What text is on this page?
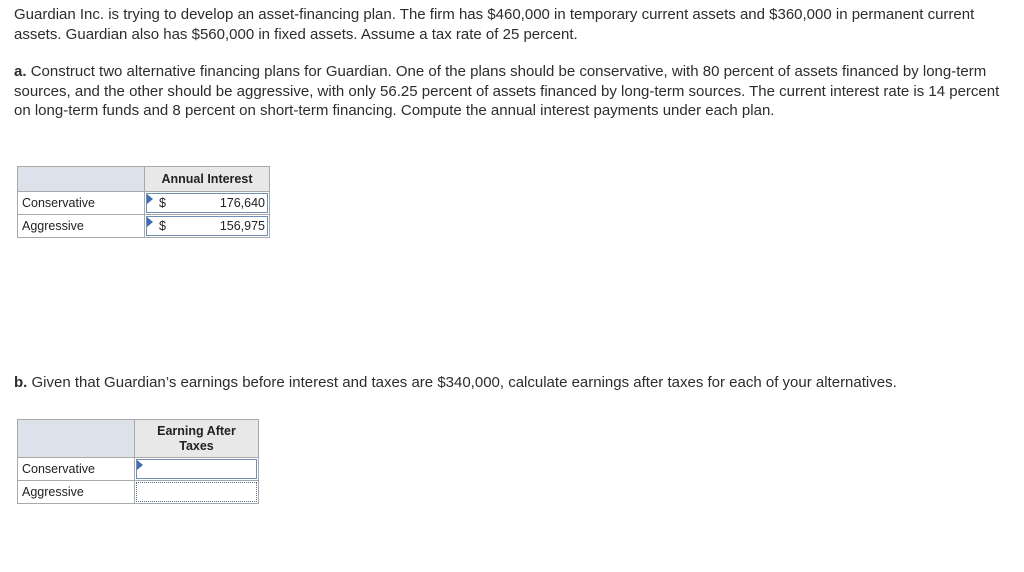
Guardian Inc. is trying to develop an asset-financing plan. The firm has $460,000 in temporary current assets and $360,000 in permanent current assets. Guardian also has $560,000 in fixed assets. Assume a tax rate of 25 percent.

a. Construct two alternative financing plans for Guardian. One of the plans should be conservative, with 80 percent of assets financed by long-term sources, and the other should be aggressive, with only 56.25 percent of assets financed by long-term sources. The current interest rate is 14 percent on long-term funds and 8 percent on short-term financing. Compute the annual interest payments under each plan.

	Annual Interest
Conservative	$ 176,640

Aggressive	$ 156,975

b. Given that Guardian’s earnings before interest and taxes are $340,000, calculate earnings after taxes for each of your alternatives.

	Earning After
Taxes
Conservative	

Aggressive	
